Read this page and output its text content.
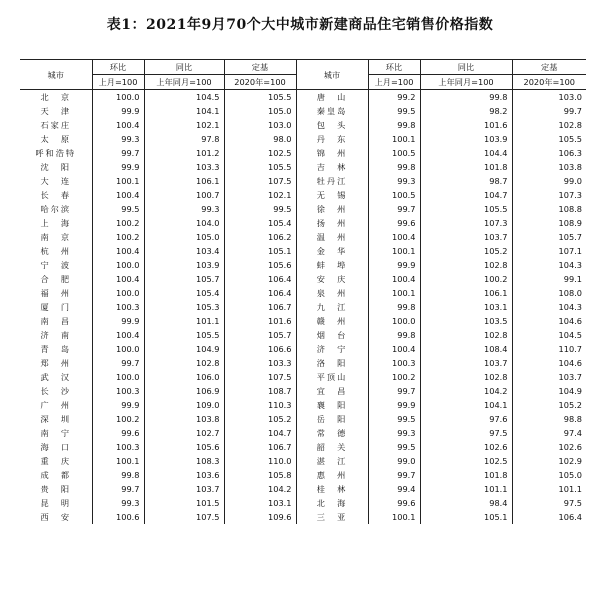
表1：2021年9月70个大中城市新建商品住宅销售价格指数
城市	环比	同比	定基	城市	环比	同比	定基
	上月=100	上年同月=100	2020年=100		上月=100	上年同月=100	2020年=100
北　京	100.0	104.5	105.5	唐　山	99.2	99.8	103.0
天　津	99.9	104.1	105.0	秦皇岛	99.5	98.2	99.7
石家庄	100.4	102.1	103.0	包　头	99.8	101.6	102.8
太　原	99.3	97.8	98.0	丹　东	100.1	103.9	105.5
呼和浩特	99.7	101.2	102.5	锦　州	100.5	104.4	106.3
沈　阳	99.9	103.3	105.5	吉　林	99.8	101.8	103.8
大　连	100.1	106.1	107.5	牡丹江	99.3	98.7	99.0
长　春	100.4	100.7	102.1	无　锡	100.5	104.7	107.3
哈尔滨	99.5	99.3	99.5	徐　州	99.7	105.5	108.8
上　海	100.2	104.0	105.4	扬　州	99.6	107.3	108.9
南　京	100.2	105.0	106.2	温　州	100.4	103.7	105.7
杭　州	100.4	103.4	105.1	金　华	100.1	105.2	107.1
宁　波	100.0	103.9	105.6	蚌　埠	99.9	102.8	104.3
合　肥	100.4	105.7	106.4	安　庆	100.4	100.2	99.1
福　州	100.0	105.4	106.4	泉　州	100.1	106.1	108.0
厦　门	100.3	105.3	106.7	九　江	99.8	103.1	104.3
南　昌	99.9	101.1	101.6	赣　州	100.0	103.5	104.6
济　南	100.4	105.5	105.7	烟　台	99.8	102.8	104.5
青　岛	100.0	104.9	106.6	济　宁	100.4	108.4	110.7
郑　州	99.7	102.8	103.3	洛　阳	100.3	103.7	104.6
武　汉	100.0	106.0	107.5	平顶山	100.2	102.8	103.7
长　沙	100.3	106.9	108.7	宜　昌	99.7	104.2	104.9
广　州	99.9	109.0	110.3	襄　阳	99.9	104.1	105.2
深　圳	100.2	103.8	105.2	岳　阳	99.5	97.6	98.8
南　宁	99.6	102.7	104.7	常　德	99.3	97.5	97.4
海　口	100.3	105.6	106.7	韶　关	99.5	102.6	102.6
重　庆	100.1	108.3	110.0	湛　江	99.0	102.5	102.9
成　都	99.8	103.6	105.8	惠　州	99.7	101.8	105.0
贵　阳	99.7	103.7	104.2	桂　林	99.4	101.1	101.1
昆　明	99.3	101.5	103.1	北　海	99.6	98.4	97.5
西　安	100.6	107.5	109.6	三　亚	100.1	105.1	106.4
